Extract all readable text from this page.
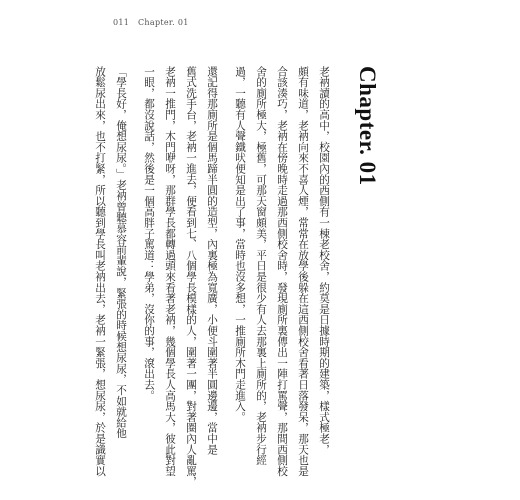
011 Chapter. 01
Chapter. 01
老衲讀的高中，校園內的西側有一棟老校舍，約莫是日據時期的建築，樣式極老，
頗有味道，老衲向來不喜人煙，常常在放學後躲在這西側校舍看著日落發呆，那天也是
合該湊巧，老衲在傍晚時走過那西側校舍時，發現廁所裏傳出一陣打罵聲，那間西側校
舍的廁所極大，極舊，可那天窗頗美，平日是很少有人去那裏上廁所的，老衲步行經
過，一聽有人聲鐵吠便知是出了事，當時也沒多想，一推廁所木門走進入。
還記得那廁所是個馬蹄半圓的造型，內裏極為寬廣，小便斗圍著半圓邊邊，當中是
舊式洗手台，老衲一進去，便看到七、八個學長模樣的人，圍著一團，對著圈內人亂罵，
老衲一推門，木門咿呀，那群學長都轉過頭來看著老衲，幾個學長人高馬大，彼此對望
一眼，都沒說話，然後是一個高胖子罵道：學弟，沒你的事，滾出去。
「學長好，俺想尿尿。」老衲曾聽慕容前輩說，緊張的時候想尿尿，不如就給他
放鬆尿出來，也不打緊，所以聽到學長叫老衲出去，老衲一緊張，想尿尿，於是識實以
